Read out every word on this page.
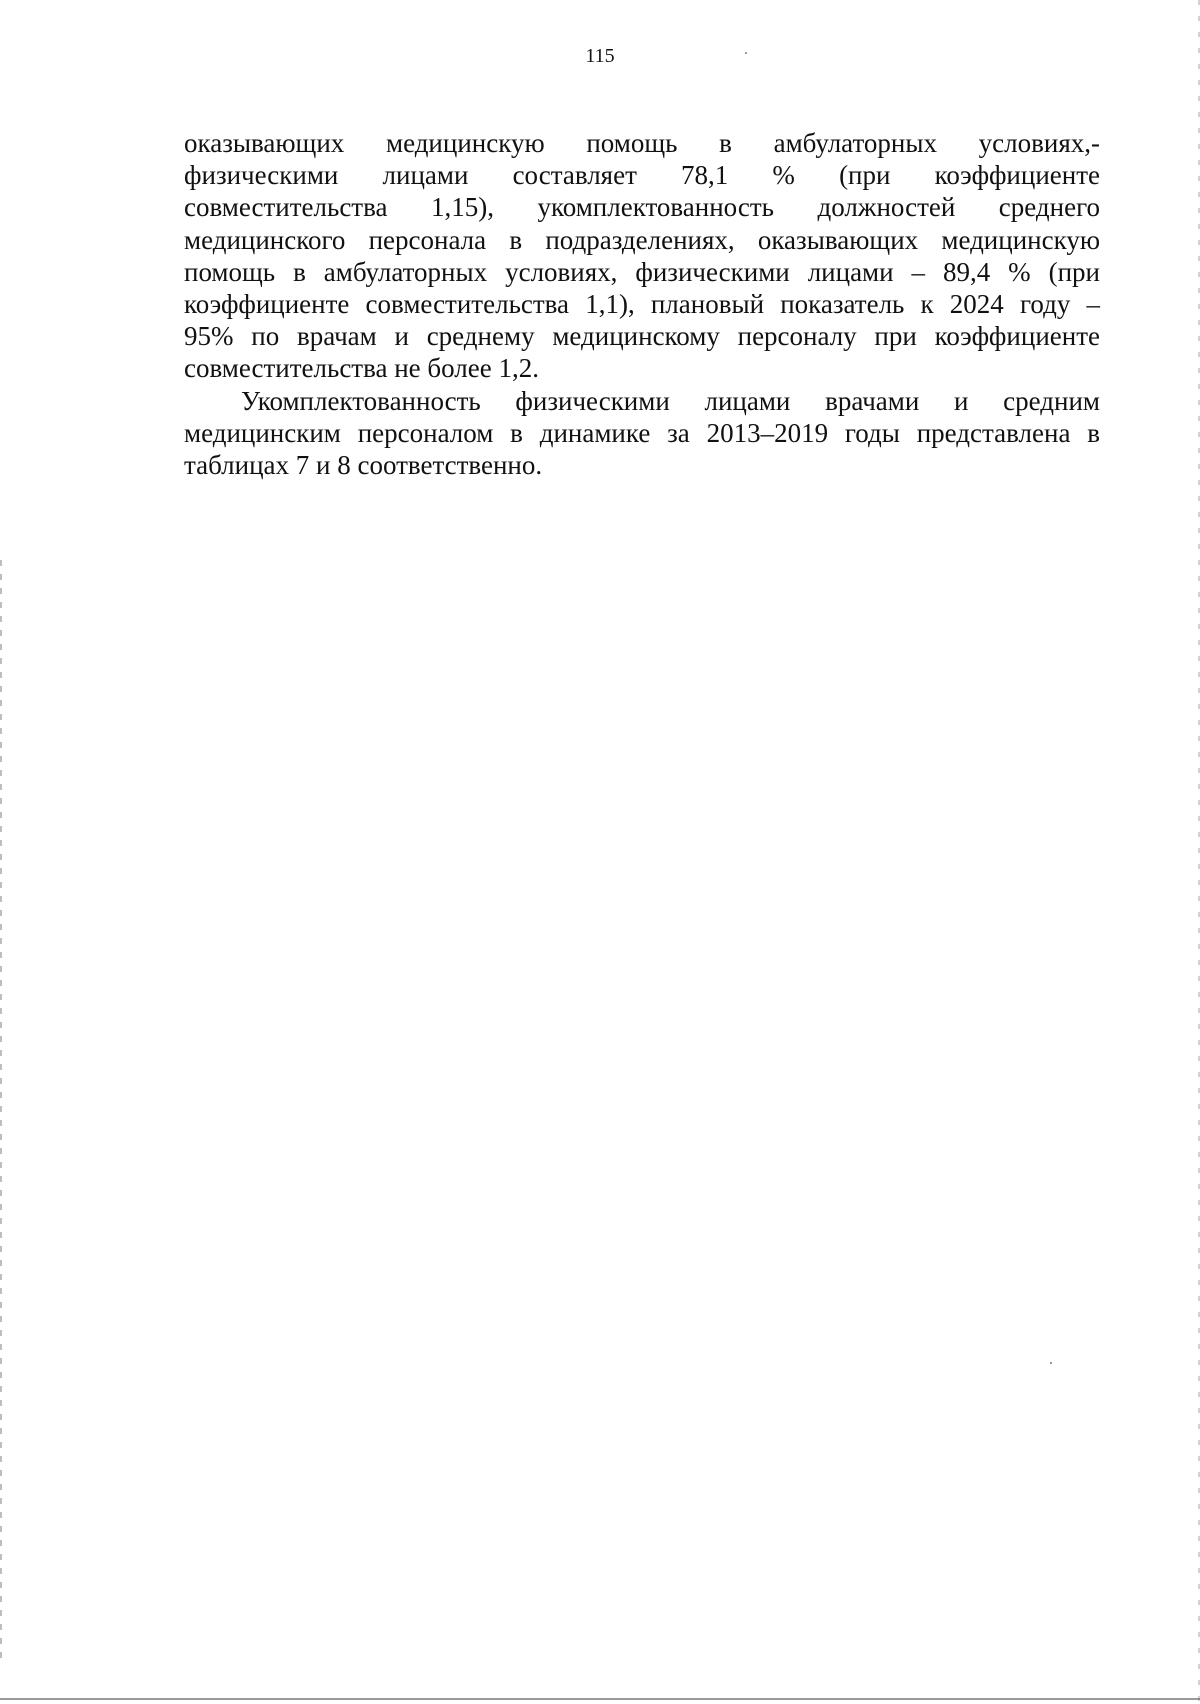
115

оказывающих медицинскую помощь в амбулаторных условиях,-
физическими лицами составляет 78,1 % (при коэффициенте
совместительства 1,15), укомплектованность должностей среднего
медицинского персонала в подразделениях, оказывающих медицинскую
помощь в амбулаторных условиях, физическими лицами – 89,4 % (при
коэффициенте совместительства 1,1), плановый показатель к 2024 году –
95% по врачам и среднему медицинскому персоналу при коэффициенте
совместительства не более 1,2.

Укомплектованность физическими лицами врачами и средним
медицинским персоналом в динамике за 2013–2019 годы представлена в
таблицах 7 и 8 соответственно.
